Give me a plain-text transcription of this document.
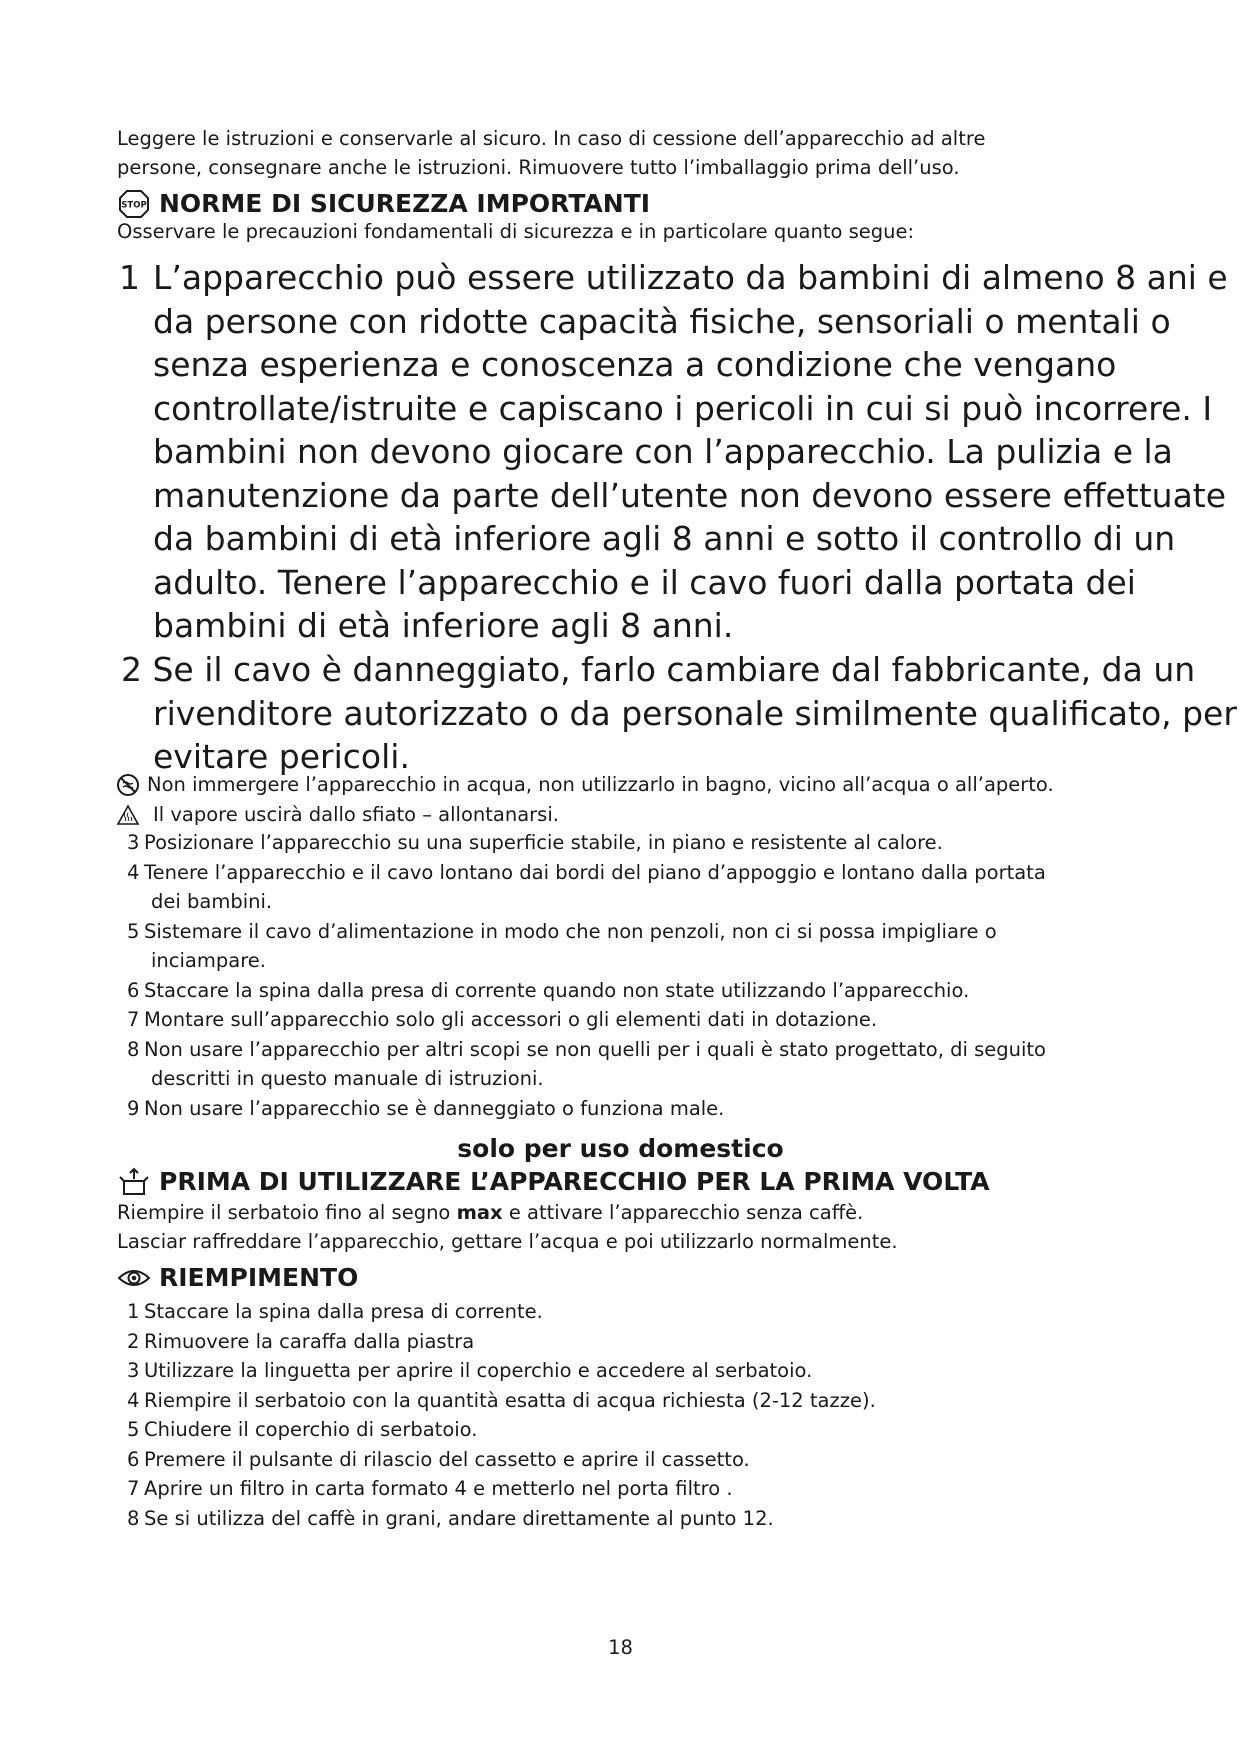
Leggere le istruzioni e conservarle al sicuro. In caso di cessione dell’apparecchio ad altre

persone, consegnare anche le istruzioni. Rimuovere tutto l’imballaggio prima dell’uso.

STOP NORME DI SICUREZZA IMPORTANTI

Osservare le precauzioni fondamentali di sicurezza e in particolare quanto segue:

1 L’apparecchio può essere utilizzato da bambini di almeno 8 ani e
da persone con ridotte capacità fisiche, sensoriali o mentali o
senza esperienza e conoscenza a condizione che vengano
controllate/istruite e capiscano i pericoli in cui si può incorrere. I
bambini non devono giocare con l’apparecchio. La pulizia e la
manutenzione da parte dell’utente non devono essere effettuate
da bambini di età inferiore agli 8 anni e sotto il controllo di un
adulto. Tenere l’apparecchio e il cavo fuori dalla portata dei
bambini di età inferiore agli 8 anni.
2 Se il cavo è danneggiato, farlo cambiare dal fabbricante, da un
rivenditore autorizzato o da personale similmente qualificato, per
evitare pericoli.
Non immergere l’apparecchio in acqua, non utilizzarlo in bagno, vicino all’acqua o all’aperto.
Il vapore uscirà dallo sfiato – allontanarsi.
3 Posizionare l’apparecchio su una superficie stabile, in piano e resistente al calore.
4 Tenere l’apparecchio e il cavo lontano dai bordi del piano d’appoggio e lontano dalla portata
dei bambini.
5 Sistemare il cavo d’alimentazione in modo che non penzoli, non ci si possa impigliare o
inciampare.
6 Staccare la spina dalla presa di corrente quando non state utilizzando l’apparecchio.
7 Montare sull’apparecchio solo gli accessori o gli elementi dati in dotazione.
8 Non usare l’apparecchio per altri scopi se non quelli per i quali è stato progettato, di seguito
descritti in questo manuale di istruzioni.
9 Non usare l’apparecchio se è danneggiato o funziona male.
solo per uso domestico
PRIMA DI UTILIZZARE L’APPARECCHIO PER LA PRIMA VOLTA

Riempire il serbatoio fino al segno max e attivare l’apparecchio senza caffè.

Lasciar raffreddare l’apparecchio, gettare l’acqua e poi utilizzarlo normalmente.

RIEMPIMENTO
1 Staccare la spina dalla presa di corrente.
2 Rimuovere la caraffa dalla piastra
3 Utilizzare la linguetta per aprire il coperchio e accedere al serbatoio.
4 Riempire il serbatoio con la quantità esatta di acqua richiesta (2-12 tazze).
5 Chiudere il coperchio di serbatoio.
6 Premere il pulsante di rilascio del cassetto e aprire il cassetto.
7 Aprire un filtro in carta formato 4 e metterlo nel porta filtro .
8 Se si utilizza del caffè in grani, andare direttamente al punto 12.
18
